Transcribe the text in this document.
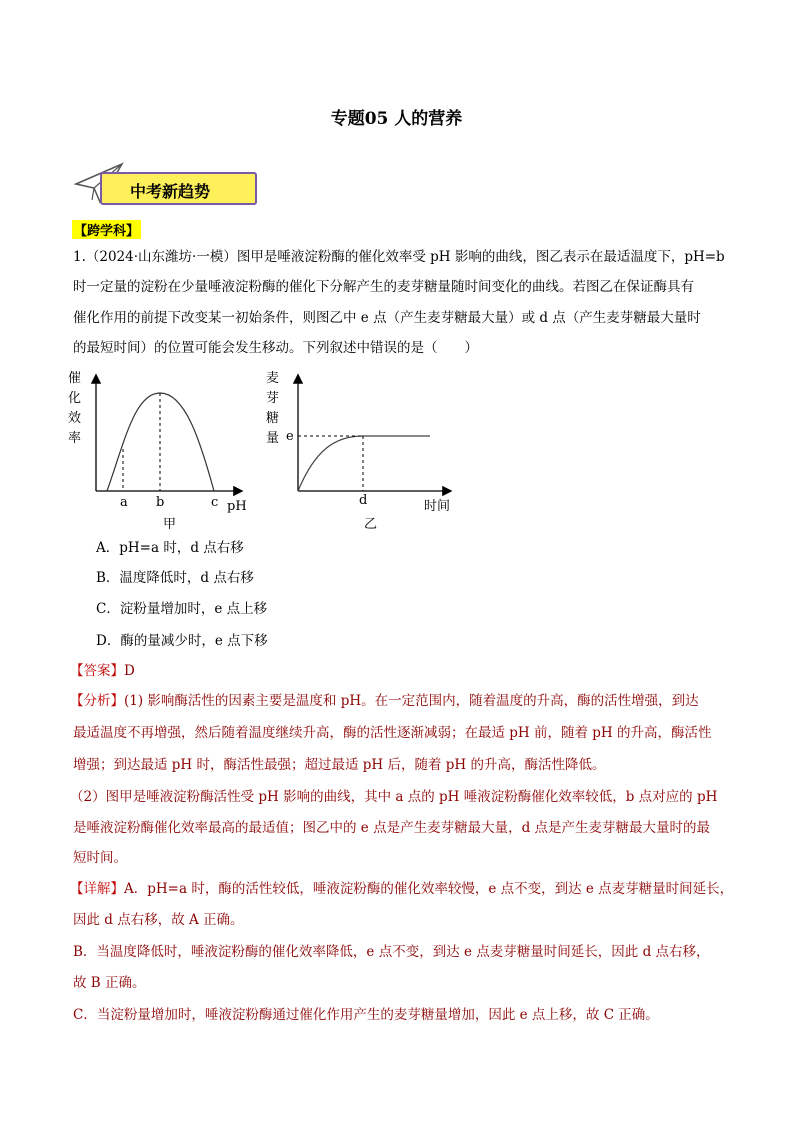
专题05 人的营养
中考新趋势
【跨学科】
1.（2024·山东潍坊·一模）图甲是唾液淀粉酶的催化效率受 pH 影响的曲线，图乙表示在最适温度下，pH=b
时一定量的淀粉在少量唾液淀粉酶的催化下分解产生的麦芽糖量随时间变化的曲线。若图乙在保证酶具有
催化作用的前提下改变某一初始条件，则图乙中 e 点（产生麦芽糖最大量）或 d 点（产生麦芽糖最大量时
的最短时间）的位置可能会发生移动。下列叙述中错误的是（　　）
催
化
效
率
a b	c pH
甲
麦
芽
糖
量 e
d	时间
乙
A．pH=a 时，d 点右移
B．温度降低时，d 点右移
C．淀粉量增加时，e 点上移
D．酶的量减少时，e 点下移
【答案】D
【分析】(1) 影响酶活性的因素主要是温度和 pH。在一定范围内，随着温度的升高，酶的活性增强，到达
最适温度不再增强，然后随着温度继续升高，酶的活性逐渐减弱；在最适 pH 前，随着 pH 的升高，酶活性
增强；到达最适 pH 时，酶活性最强；超过最适 pH 后，随着 pH 的升高，酶活性降低。
（2）图甲是唾液淀粉酶活性受 pH 影响的曲线，其中 a 点的 pH 唾液淀粉酶催化效率较低，b 点对应的 pH
是唾液淀粉酶催化效率最高的最适值；图乙中的 e 点是产生麦芽糖最大量，d 点是产生麦芽糖最大量时的最
短时间。
【详解】A．pH=a 时，酶的活性较低，唾液淀粉酶的催化效率较慢，e 点不变，到达 e 点麦芽糖量时间延长，
因此 d 点右移，故 A 正确。
B．当温度降低时，唾液淀粉酶的催化效率降低，e 点不变，到达 e 点麦芽糖量时间延长，因此 d 点右移，
故 B 正确。
C．当淀粉量增加时，唾液淀粉酶通过催化作用产生的麦芽糖量增加，因此 e 点上移，故 C 正确。
